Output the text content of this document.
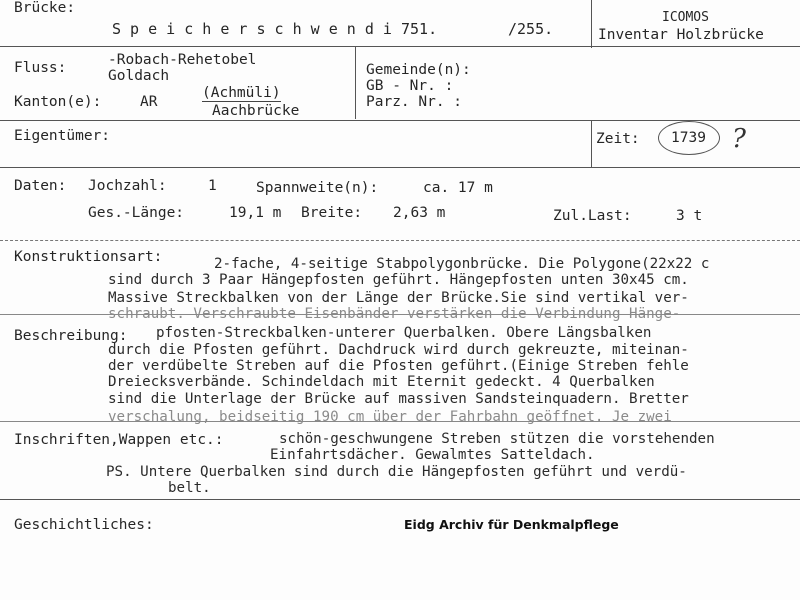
Brücke:
S p e i c h e r s c h w e n d i 751.	/255.
ICOMOS
Inventar Holzbrücke
Fluss:	-Robach-Rehetobel
Goldach
Kanton(e):	AR
(Achmüli)
Aachbrücke
Gemeinde(n):
GB - Nr. :
Parz. Nr. :
Eigentümer:	Zeit: 1739 ?
Daten: Jochzahl:	1	Spannweite(n):	ca. 17 m
Ges.-Länge:	19,1 m Breite: 2,63 m	Zul.Last:	3 t
Konstruktionsart:	2-fache, 4-seitige Stabpolygonbrücke. Die Polygone(22x22 c
sind durch 3 Paar Hängepfosten geführt. Hängepfosten unten 30x45 cm.
Massive Streckbalken von der Länge der Brücke.Sie sind vertikal ver-
schraubt. Verschraubte Eisenbänder verstärken die Verbindung Hänge-
Beschreibung: pfosten-Streckbalken-unterer Querbalken. Obere Längsbalken
durch die Pfosten geführt. Dachdruck wird durch gekreuzte, miteinan-
der verdübelte Streben auf die Pfosten geführt.(Einige Streben fehle
Dreiecksverbände. Schindeldach mit Eternit gedeckt. 4 Querbalken
sind die Unterlage der Brücke auf massiven Sandsteinquadern. Bretter
verschalung, beidseitig 190 cm über der Fahrbahn geöffnet. Je zwei
Inschriften,Wappen etc.:	schön-geschwungene Streben stützen die vorstehenden
Einfahrtsdächer. Gewalmtes Satteldach.
PS. Untere Querbalken sind durch die Hängepfosten geführt und verdü-
belt.
Geschichtliches:	Eidg Archiv für Denkmalpflege
